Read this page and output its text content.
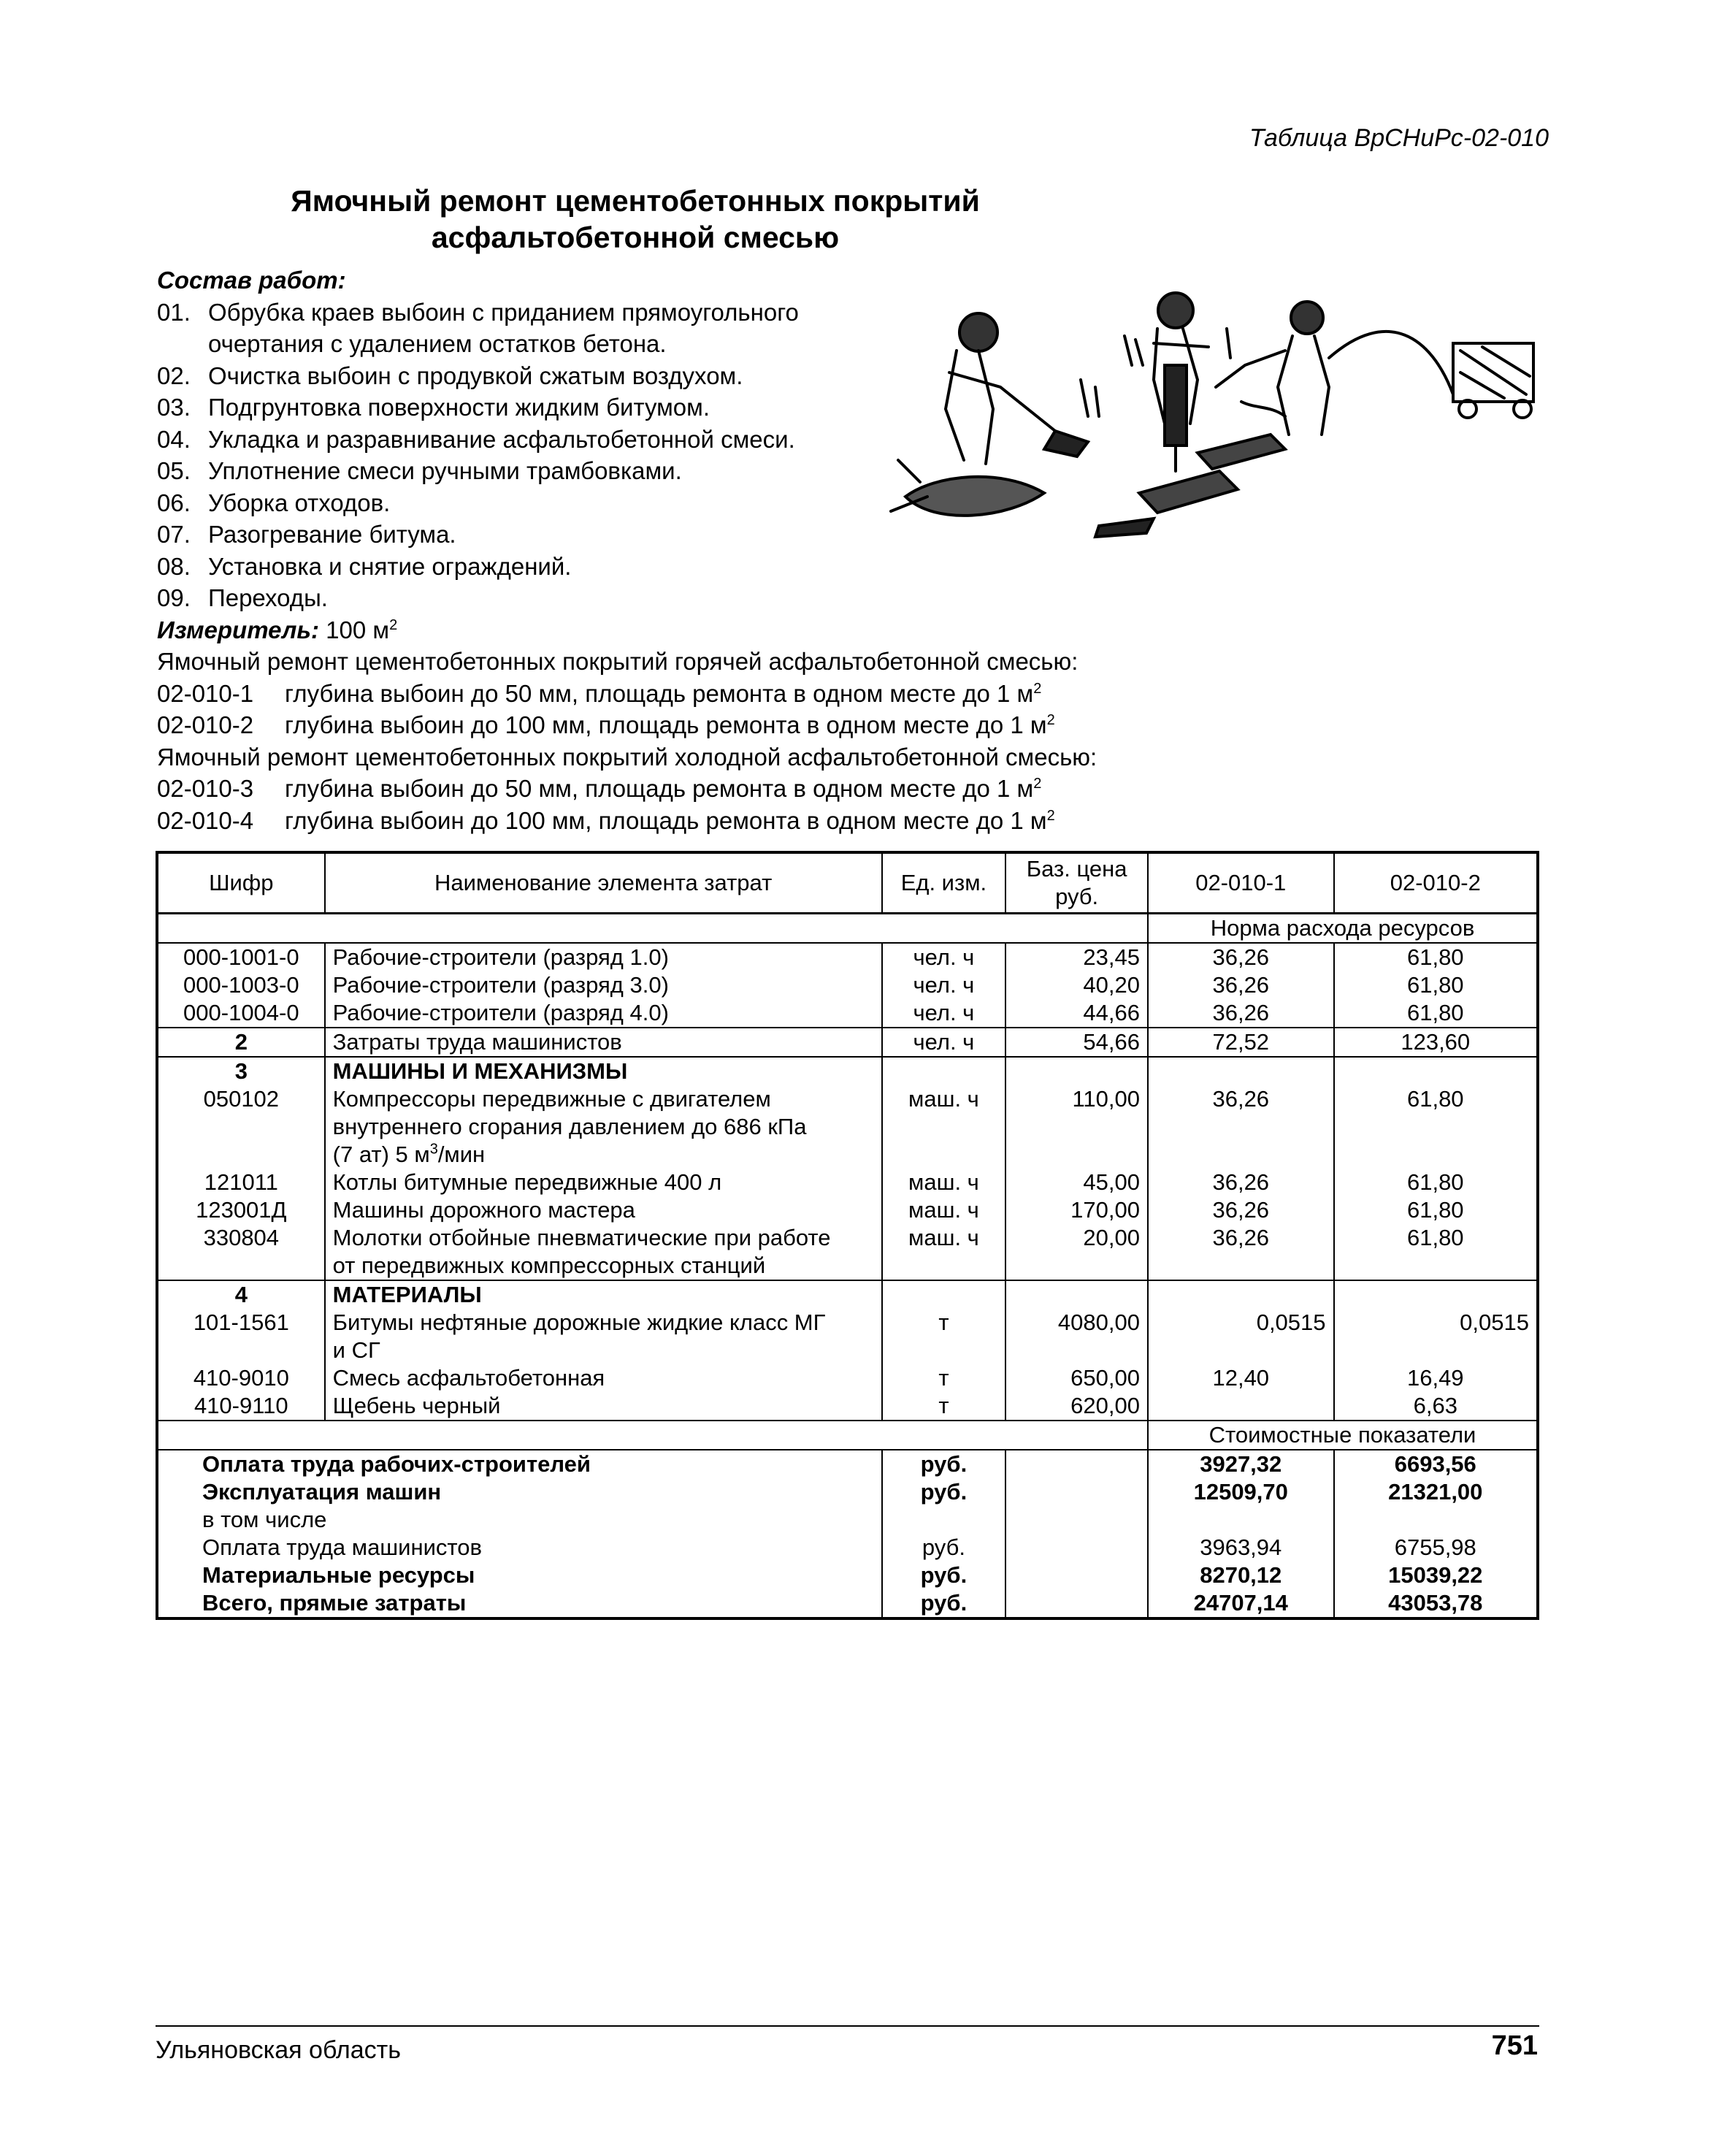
Таблица ВрСНиРс-02-010
Ямочный ремонт цементобетонных покрытий
асфальтобетонной смесью
Состав работ:
01. Обрубка краев выбоин с приданием прямоугольного
очертания с удалением остатков бетона.
02. Очистка выбоин с продувкой сжатым воздухом.
03. Подгрунтовка поверхности жидким битумом.
04. Укладка и разравнивание асфальтобетонной смеси.
05. Уплотнение смеси ручными трамбовками.
06. Уборка отходов.
07. Разогревание битума.
08. Установка и снятие ограждений.
09. Переходы.
Измеритель: 100 $м^2$
Ямочный ремонт цементобетонных покрытий горячей асфальтобетонной смесью:
02-010-1	глубина выбоин до 50 мм, площадь ремонта в одном месте до 1 $м^2$
02-010-2	глубина выбоин до 100 мм, площадь ремонта в одном месте до 1 $м^2$
Ямочный ремонт цементобетонных покрытий холодной асфальтобетонной смесью:
02-010-3	глубина выбоин до 50 мм, площадь ремонта в одном месте до 1 $м^2$
02-010-4	глубина выбоин до 100 мм, площадь ремонта в одном месте до 1 $м^2$
Шифр	Наименование элемента затрат	Ед. изм.	Баз. цена руб.	02-010-1	02-010-2
				Норма расхода ресурсов	
000-1001-0	Рабочие-строители (разряд 1.0)	чел. ч	23,45	36,26	61,80
000-1003-0	Рабочие-строители (разряд 3.0)	чел. ч	40,20	36,26	61,80
000-1004-0	Рабочие-строители (разряд 4.0)	чел. ч	44,66	36,26	61,80
2	Затраты труда машинистов	чел. ч	54,66	72,52	123,60
3	МАШИНЫ И МЕХАНИЗМЫ				
050102	Компрессоры передвижные с двигателем
внутреннего сгорания давлением до 686 кПа
(7 ат) 5 $м^3$/мин	маш. ч	110,00	36,26	61,80
121011	Котлы битумные передвижные 400 л	маш. ч	45,00	36,26	61,80
123001Д	Машины дорожного мастера	маш. ч	170,00	36,26	61,80
330804	Молотки отбойные пневматические при работе
от передвижных компрессорных станций	маш. ч	20,00	36,26	61,80
4	МАТЕРИАЛЫ				
101-1561	Битумы нефтяные дорожные жидкие класс МГ
и СГ	т	4080,00	0,0515	0,0515
410-9010	Смесь асфальтобетонная	т	650,00	12,40	16,49
410-9110	Щебень черный	т	620,00		6,63
				Стоимостные показатели	
Оплата труда рабочих-строителей		руб.		3927,32	6693,56
Эксплуатация машин		руб.		12509,70	21321,00
в том числе					
Оплата труда машинистов		руб.		3963,94	6755,98
Материальные ресурсы		руб.		8270,12	15039,22
Всего, прямые затраты		руб.		24707,14	43053,78
Ульяновская область	751
